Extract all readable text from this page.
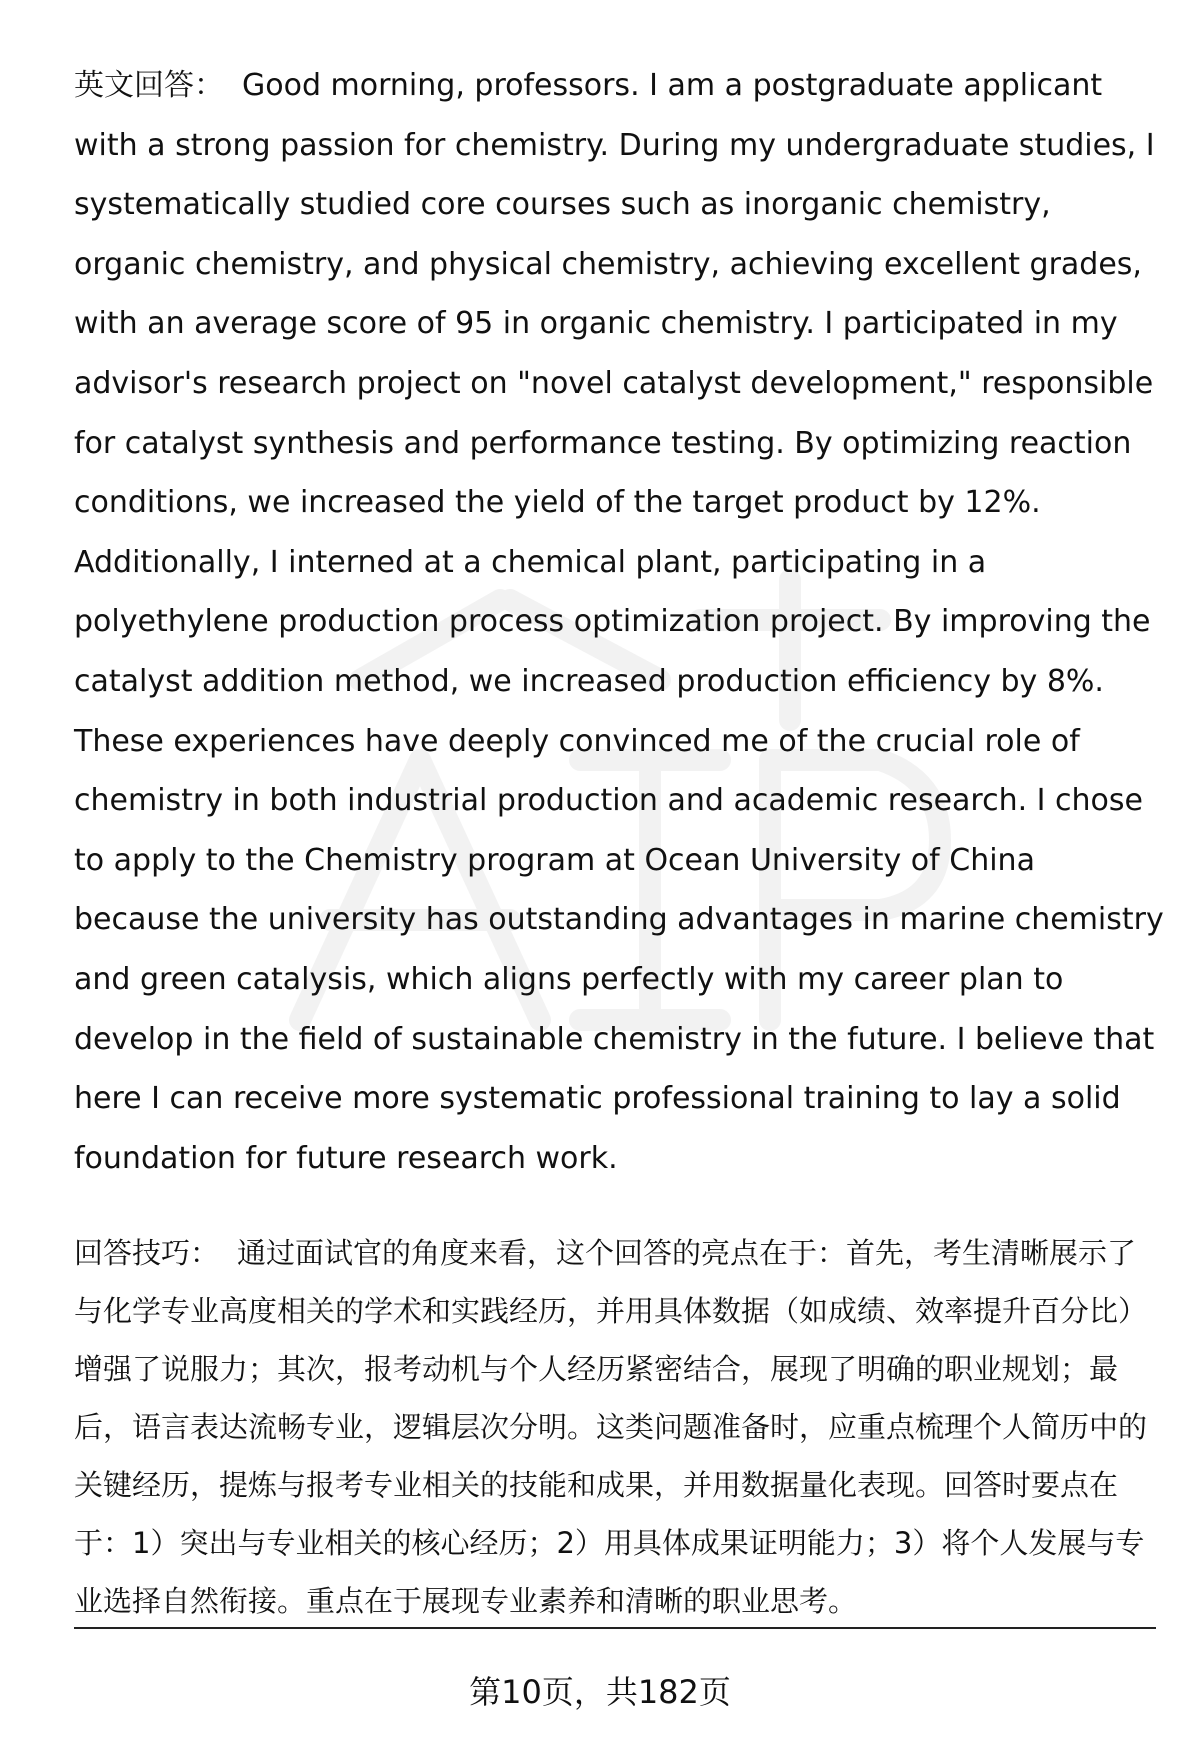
英文回答： Good morning, professors. I am a postgraduate applicant with a strong passion for chemistry. During my undergraduate studies, I systematically studied core courses such as inorganic chemistry, organic chemistry, and physical chemistry, achieving excellent grades, with an average score of 95 in organic chemistry. I participated in my advisor's research project on "novel catalyst development," responsible for catalyst synthesis and performance testing. By optimizing reaction conditions, we increased the yield of the target product by 12%. Additionally, I interned at a chemical plant, participating in a polyethylene production process optimization project. By improving the catalyst addition method, we increased production efficiency by 8%. These experiences have deeply convinced me of the crucial role of chemistry in both industrial production and academic research. I chose to apply to the Chemistry program at Ocean University of China because the university has outstanding advantages in marine chemistry and green catalysis, which aligns perfectly with my career plan to develop in the field of sustainable chemistry in the future. I believe that here I can receive more systematic professional training to lay a solid foundation for future research work.

回答技巧： 通过面试官的角度来看，这个回答的亮点在于：首先，考生清晰展示了与化学专业高度相关的学术和实践经历，并用具体数据（如成绩、效率提升百分比）增强了说服力；其次，报考动机与个人经历紧密结合，展现了明确的职业规划；最后，语言表达流畅专业，逻辑层次分明。这类问题准备时，应重点梳理个人简历中的关键经历，提炼与报考专业相关的技能和成果，并用数据量化表现。回答时要点在于：1）突出与专业相关的核心经历；2）用具体成果证明能力；3）将个人发展与专业选择自然衔接。重点在于展现专业素养和清晰的职业思考。

第10页，共182页
